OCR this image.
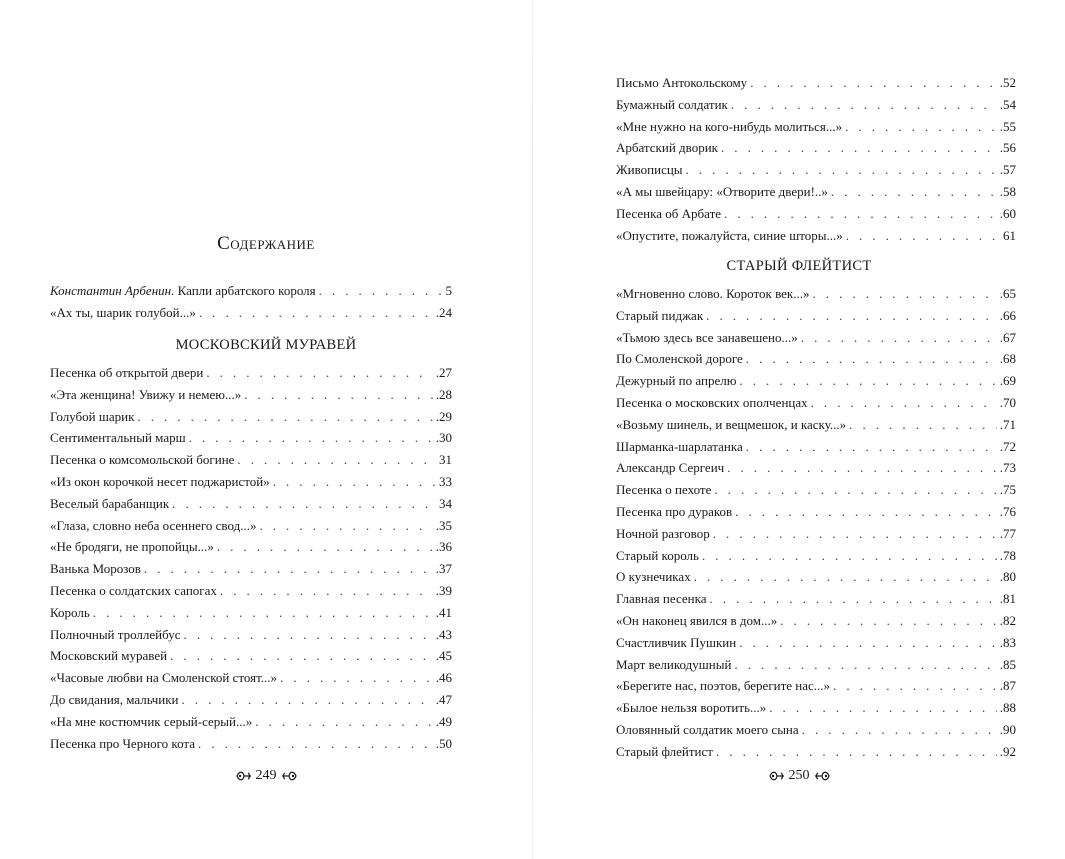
Содержание
Константин Арбенин. Капли арбатского короля . . .	5
«Ах ты, шарик голубой...» . . .	.24
МОСКОВСКИЙ МУРАВЕЙ
Песенка об открытой двери . . .	.27
«Эта женщина! Увижу и немею...» . . .	.28
Голубой шарик . . .	.29
Сентиментальный марш . . .	.30
Песенка о комсомольской богине . . .	31
«Из окон корочкой несет поджаристой» . . .	33
Веселый барабанщик . . .	34
«Глаза, словно неба осеннего свод...» . . .	.35
«Не бродяги, не пропойцы...» . . .	.36
Ванька Морозов . . .	.37
Песенка о солдатских сапогах . . .	.39
Король . . .	.41
Полночный троллейбус . . .	.43
Московский муравей . . .	.45
«Часовые любви на Смоленской стоят...» . . .	.46
До свидания, мальчики . . .	.47
«На мне костюмчик серый-серый...» . . .	.49
Песенка про Черного кота . . .	.50
249
Письмо Антокольскому . . .	.52
Бумажный солдатик . . .	.54
«Мне нужно на кого-нибудь молиться...» . . .	.55
Арбатский дворик . . .	.56
Живописцы . . .	.57
«А мы швейцару: «Отворите двери!..» . . .	.58
Песенка об Арбате . . .	.60
«Опустите, пожалуйста, синие шторы...» . . .	61
СТАРЫЙ ФЛЕЙТИСТ
«Мгновенно слово. Короток век...» . . .	.65
Старый пиджак . . .	.66
«Тьмою здесь все занавешено...» . . .	.67
По Смоленской дороге . . .	.68
Дежурный по апрелю . . .	.69
Песенка о московских ополченцах . . .	.70
«Возьму шинель, и вещмешок, и каску...» . . .	.71
Шарманка-шарлатанка . . .	.72
Александр Сергеич . . .	.73
Песенка о пехоте . . .	.75
Песенка про дураков . . .	.76
Ночной разговор . . .	.77
Старый король . . .	.78
О кузнечиках . . .	.80
Главная песенка . . .	.81
«Он наконец явился в дом...» . . .	.82
Счастливчик Пушкин . . .	.83
Март великодушный . . .	.85
«Берегите нас, поэтов, берегите нас...» . . .	.87
«Былое нельзя воротить...» . . .	.88
Оловянный солдатик моего сына . . .	.90
Старый флейтист . . .	.92
250
